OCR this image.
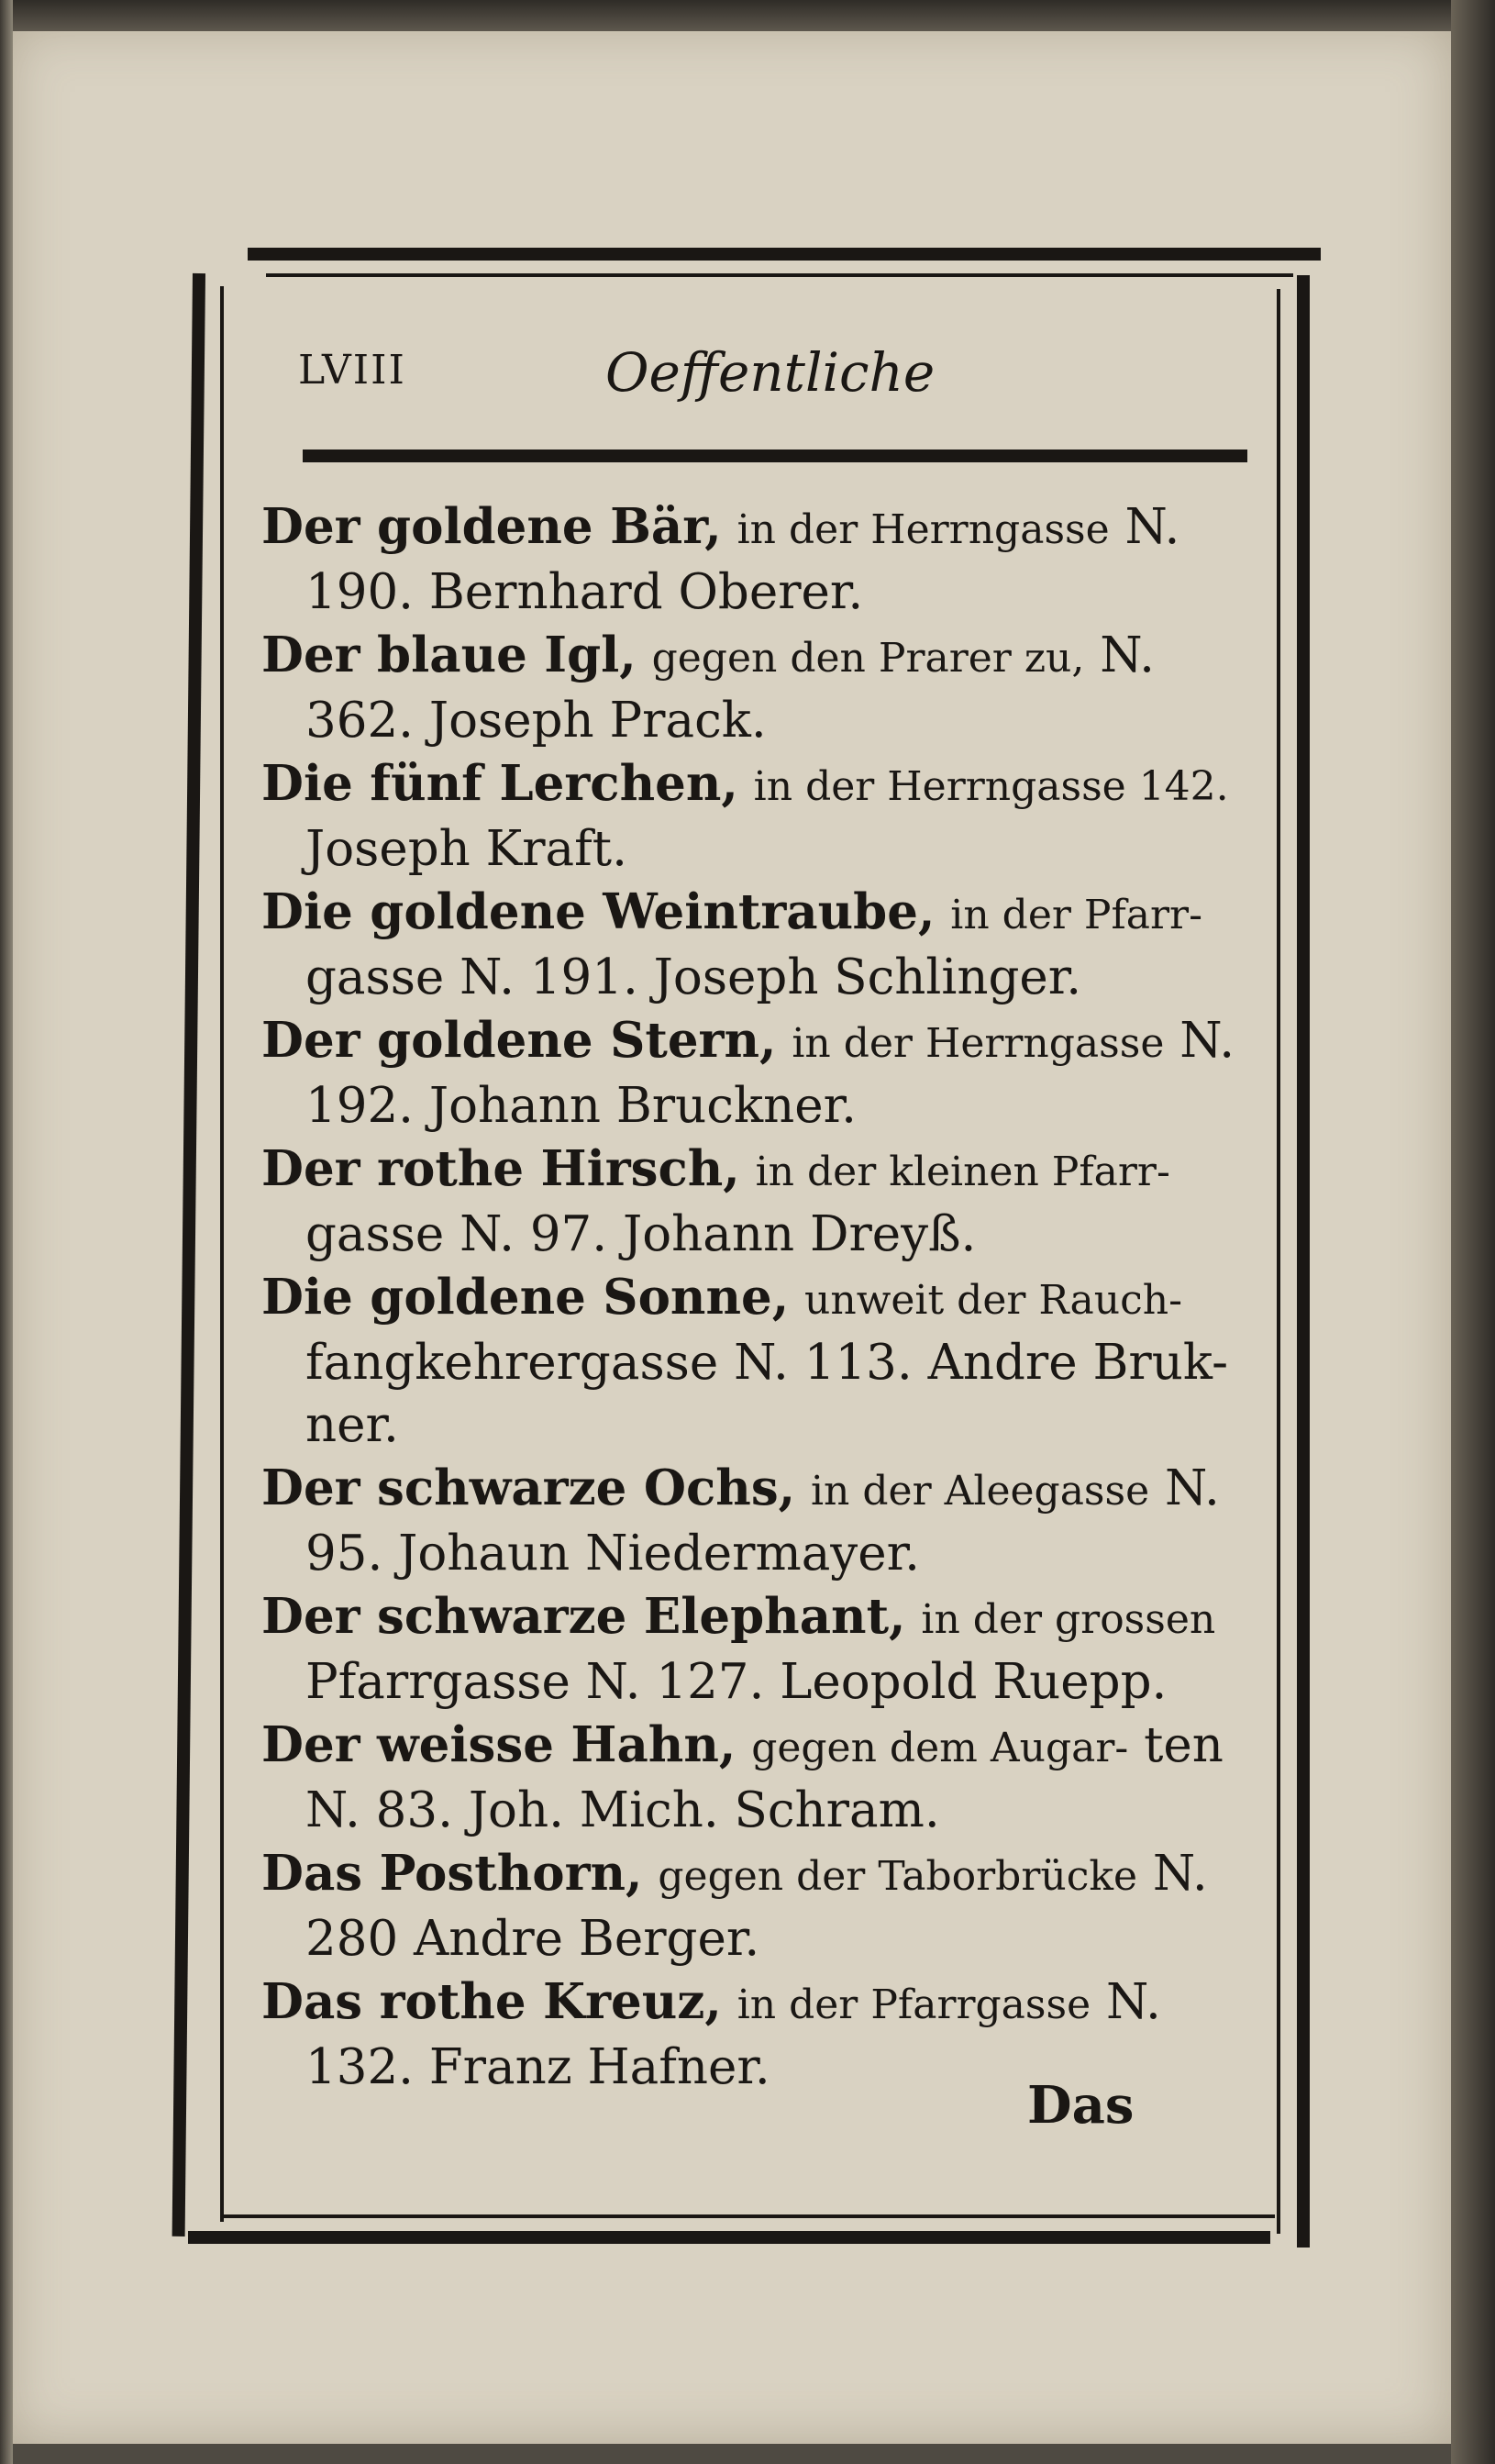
LVIII	Oeffentliche
Der goldene Bär, in der Herrngasse N. 190. Bernhard Oberer.
Der blaue Igl, gegen den Prarer zu, N. 362. Joseph Prack.
Die fünf Lerchen, in der Herrngasse 142. Joseph Kraft.
Die goldene Weintraube, in der Pfarr- gasse N. 191. Joseph Schlinger.
Der goldene Stern, in der Herrngasse N. 192. Johann Bruckner.
Der rothe Hirsch, in der kleinen Pfarr- gasse N. 97. Johann Dreyß.
Die goldene Sonne, unweit der Rauch- fangkehrergasse N. 113. Andre Bruk-ner.
Der schwarze Ochs, in der Aleegasse N. 95. Johaun Niedermayer.
Der schwarze Elephant, in der grossen Pfarrgasse N. 127. Leopold Ruepp.
Der weisse Hahn, gegen dem Augar- ten N. 83. Joh. Mich. Schram.
Das Posthorn, gegen der Taborbrücke N. 280 Andre Berger.
Das rothe Kreuz, in der Pfarrgasse N. 132. Franz Hafner.
Das
